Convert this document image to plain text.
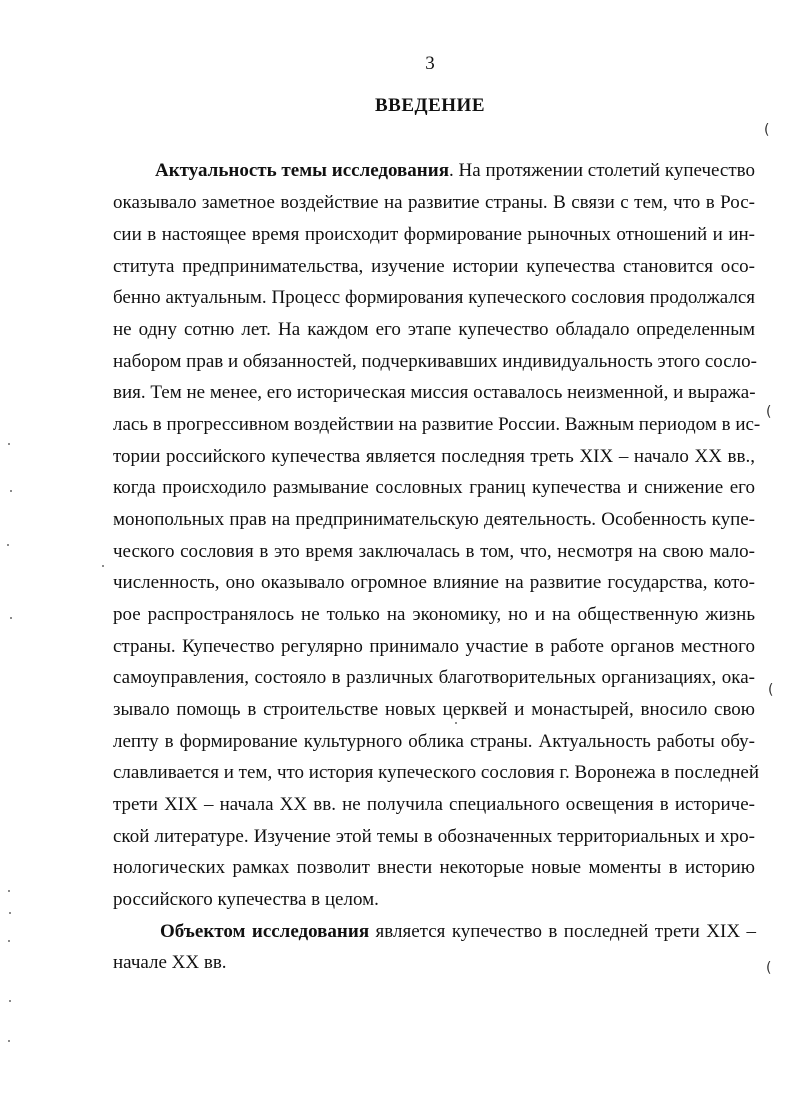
3
ВВЕДЕНИЕ
Актуальность темы исследования. На протяжении столетий купечество
оказывало заметное воздействие на развитие страны. В связи с тем, что в Рос-
сии в настоящее время происходит формирование рыночных отношений и ин-
ститута предпринимательства, изучение истории купечества становится осо-
бенно актуальным. Процесс формирования купеческого сословия продолжался
не одну сотню лет. На каждом его этапе купечество обладало определенным
набором прав и обязанностей, подчеркивавших индивидуальность этого сосло-
вия. Тем не менее, его историческая миссия оставалось неизменной, и выража-
лась в прогрессивном воздействии на развитие России. Важным периодом в ис-
тории российского купечества является последняя треть XIX – начало XX вв.,
когда происходило размывание сословных границ купечества и снижение его
монопольных прав на предпринимательскую деятельность. Особенность купе-
ческого сословия в это время заключалась в том, что, несмотря на свою мало-
численность, оно оказывало огромное влияние на развитие государства, кото-
рое распространялось не только на экономику, но и на общественную жизнь
страны. Купечество регулярно принимало участие в работе органов местного
самоуправления, состояло в различных благотворительных организациях, ока-
зывало помощь в строительстве новых церквей и монастырей, вносило свою
лепту в формирование культурного облика страны. Актуальность работы обу-
славливается и тем, что история купеческого сословия г. Воронежа в последней
трети XIX – начала XX вв. не получила специального освещения в историче-
ской литературе. Изучение этой темы в обозначенных территориальных и хро-
нологических рамках позволит внести некоторые новые моменты в историю
российского купечества в целом.
Объектом исследования является купечество в последней трети XIX –
начале XX вв.
(
(
(
(
